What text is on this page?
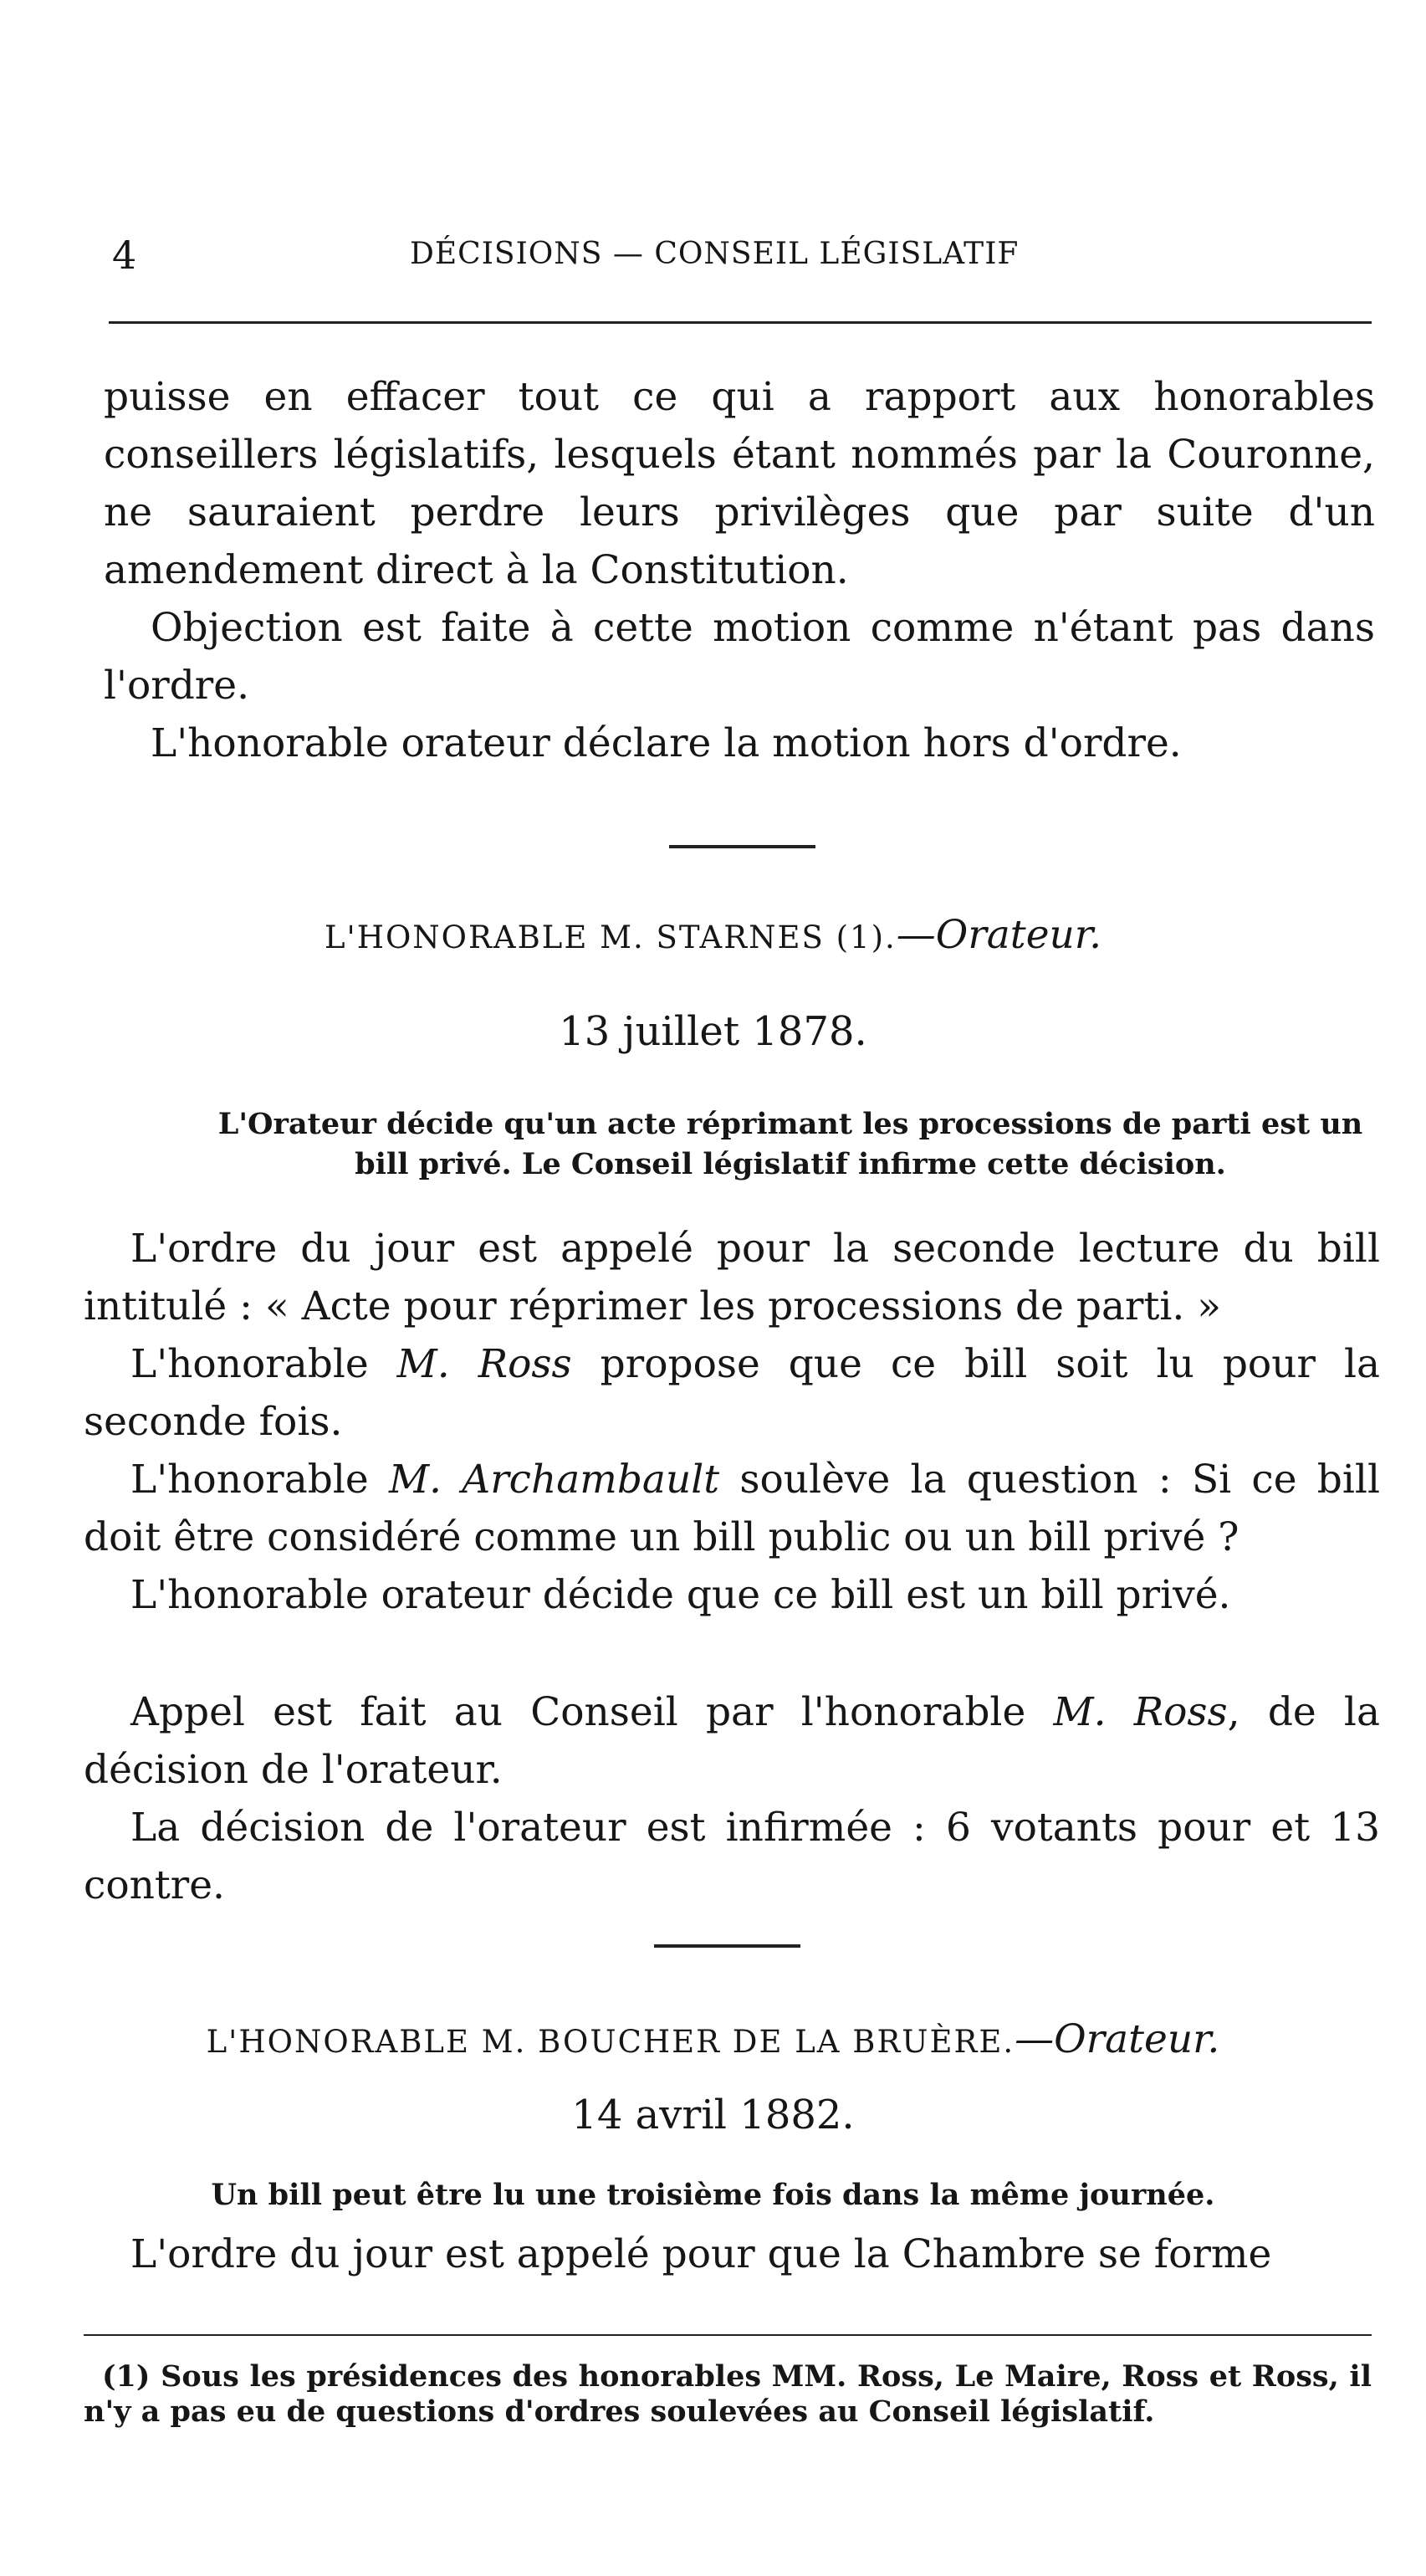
4	DÉCISIONS — CONSEIL LÉGISLATIF

puisse en effacer tout ce qui a rapport aux honorables conseillers législatifs, lesquels étant nommés par la Couronne, ne sauraient perdre leurs privilèges que par suite d'un amendement direct à la Constitution.

Objection est faite à cette motion comme n'étant pas dans l'ordre.

L'honorable orateur déclare la motion hors d'ordre.

L'HONORABLE M. STARNES (1).—Orateur.

13 juillet 1878.

L'Orateur décide qu'un acte réprimant les processions de parti est un bill privé. Le Conseil législatif infirme cette décision.

L'ordre du jour est appelé pour la seconde lecture du bill intitulé : « Acte pour réprimer les processions de parti. »

L'honorable M. Ross propose que ce bill soit lu pour la seconde fois.

L'honorable M. Archambault soulève la question : Si ce bill doit être considéré comme un bill public ou un bill privé ?

L'honorable orateur décide que ce bill est un bill privé.

Appel est fait au Conseil par l'honorable M. Ross, de la décision de l'orateur.

La décision de l'orateur est infirmée : 6 votants pour et 13 contre.

L'HONORABLE M. BOUCHER DE LA BRUÈRE.—Orateur.

14 avril 1882.

Un bill peut être lu une troisième fois dans la même journée.

L'ordre du jour est appelé pour que la Chambre se forme

(1) Sous les présidences des honorables MM. Ross, Le Maire, Ross et Ross, il n'y a pas eu de questions d'ordres soulevées au Conseil législatif.
